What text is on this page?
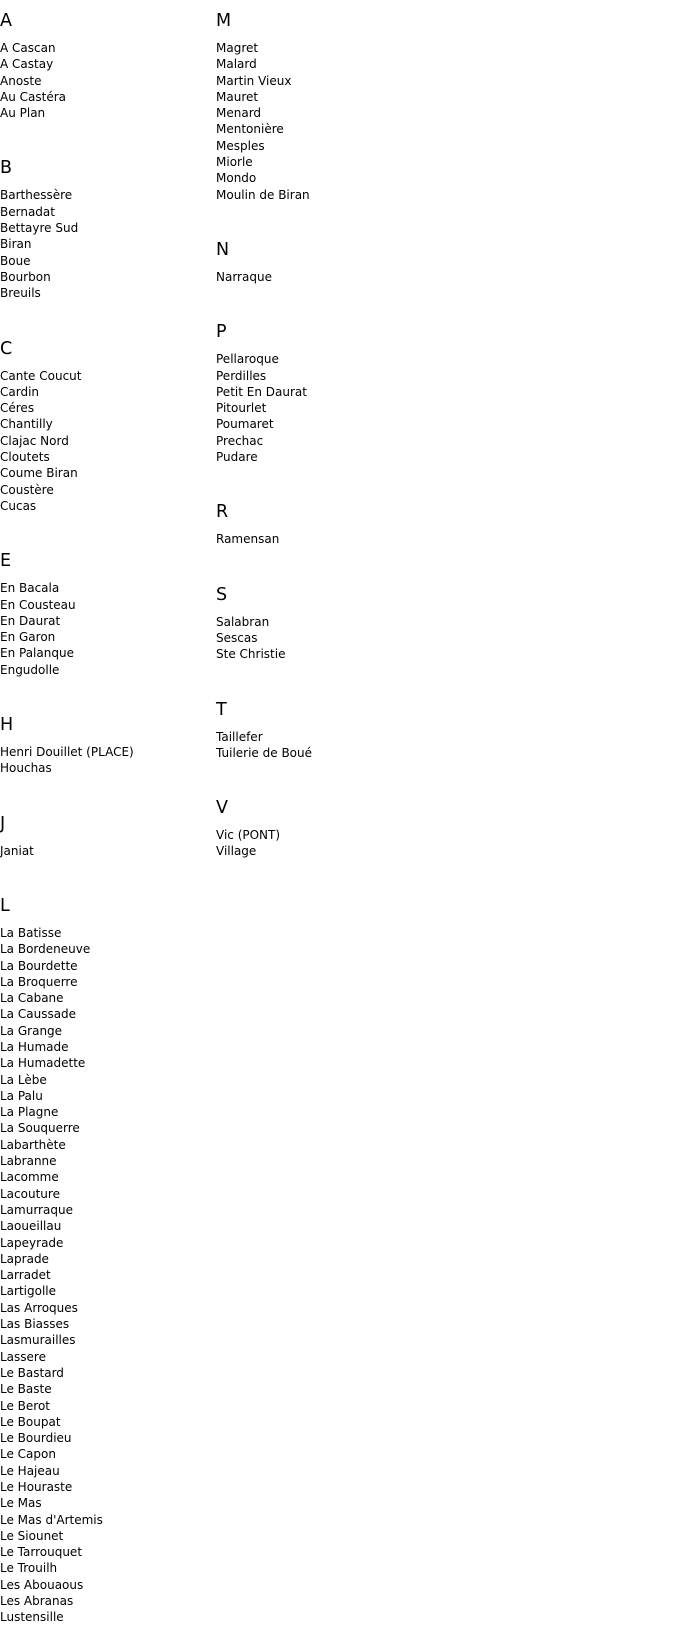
A
A Cascan
A Castay
Anoste
Au Castéra
Au Plan
B
Barthessère
Bernadat
Bettayre Sud
Biran
Boue
Bourbon
Breuils
C
Cante Coucut
Cardin
Céres
Chantilly
Clajac Nord
Cloutets
Coume Biran
Coustère
Cucas
E
En Bacala
En Cousteau
En Daurat
En Garon
En Palanque
Engudolle
H
Henri Douillet (PLACE)
Houchas
J
Janiat
L
La Batisse
La Bordeneuve
La Bourdette
La Broquerre
La Cabane
La Caussade
La Grange
La Humade
La Humadette
La Lèbe
La Palu
La Plagne
La Souquerre
Labarthète
Labranne
Lacomme
Lacouture
Lamurraque
Laoueillau
Lapeyrade
Laprade
Larradet
Lartigolle
Las Arroques
Las Biasses
Lasmurailles
Lassere
Le Bastard
Le Baste
Le Berot
Le Boupat
Le Bourdieu
Le Capon
Le Hajeau
Le Houraste
Le Mas
Le Mas d'Artemis
Le Siounet
Le Tarrouquet
Le Trouilh
Les Abouaous
Les Abranas
Lustensille
M
Magret
Malard
Martin Vieux
Mauret
Menard
Mentonière
Mesples
Miorle
Mondo
Moulin de Biran
N
Narraque
P
Pellaroque
Perdilles
Petit En Daurat
Pitourlet
Poumaret
Prechac
Pudare
R
Ramensan
S
Salabran
Sescas
Ste Christie
T
Taillefer
Tuilerie de Boué
V
Vic (PONT)
Village
